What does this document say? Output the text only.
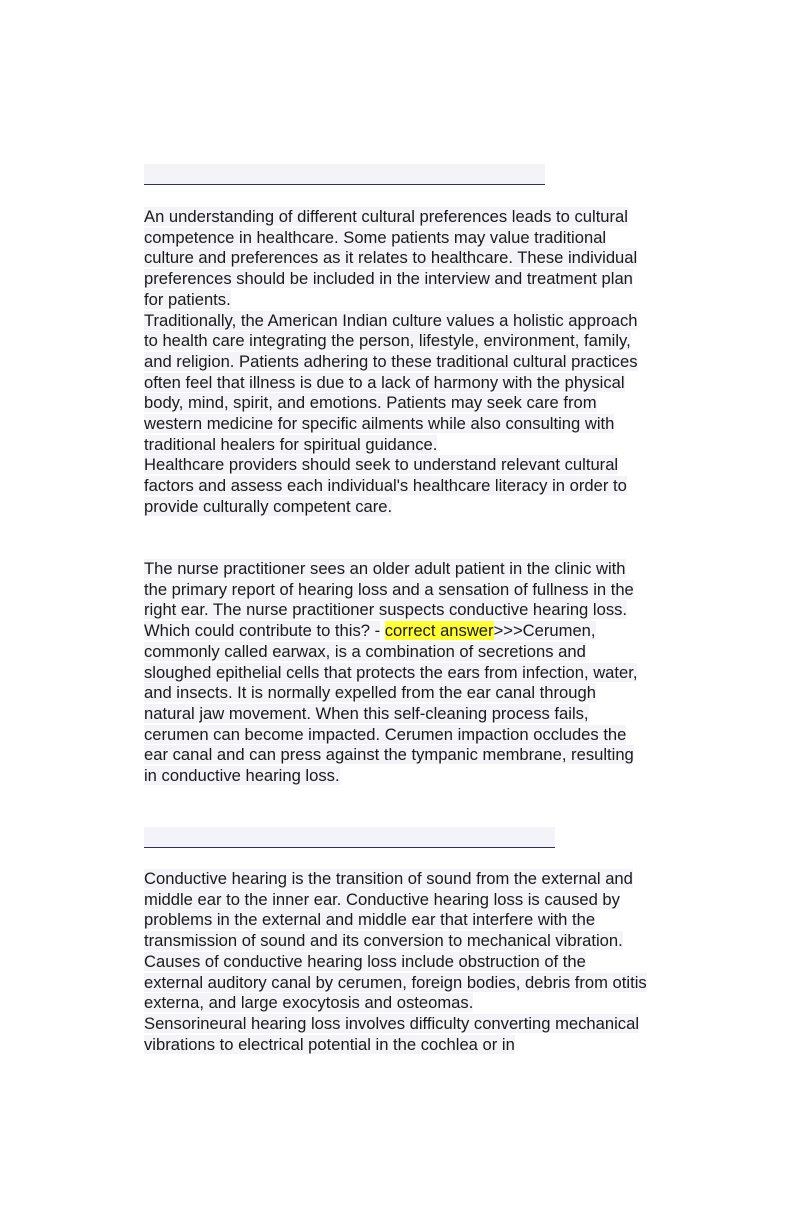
An understanding of different cultural preferences leads to cultural competence in healthcare. Some patients may value traditional culture and preferences as it relates to healthcare. These individual preferences should be included in the interview and treatment plan for patients.

Traditionally, the American Indian culture values a holistic approach to health care integrating the person, lifestyle, environment, family, and religion. Patients adhering to these traditional cultural practices often feel that illness is due to a lack of harmony with the physical body, mind, spirit, and emotions. Patients may seek care from western medicine for specific ailments while also consulting with traditional healers for spiritual guidance.

Healthcare providers should seek to understand relevant cultural factors and assess each individual's healthcare literacy in order to provide culturally competent care.

The nurse practitioner sees an older adult patient in the clinic with the primary report of hearing loss and a sensation of fullness in the right ear. The nurse practitioner suspects conductive hearing loss. Which could contribute to this? - correct answer>>>Cerumen, commonly called earwax, is a combination of secretions and sloughed epithelial cells that protects the ears from infection, water, and insects. It is normally expelled from the ear canal through natural jaw movement. When this self-cleaning process fails, cerumen can become impacted. Cerumen impaction occludes the ear canal and can press against the tympanic membrane, resulting in conductive hearing loss.

Conductive hearing is the transition of sound from the external and middle ear to the inner ear. Conductive hearing loss is caused by problems in the external and middle ear that interfere with the transmission of sound and its conversion to mechanical vibration. Causes of conductive hearing loss include obstruction of the external auditory canal by cerumen, foreign bodies, debris from otitis externa, and large exocytosis and osteomas.

Sensorineural hearing loss involves difficulty converting mechanical vibrations to electrical potential in the cochlea or in
